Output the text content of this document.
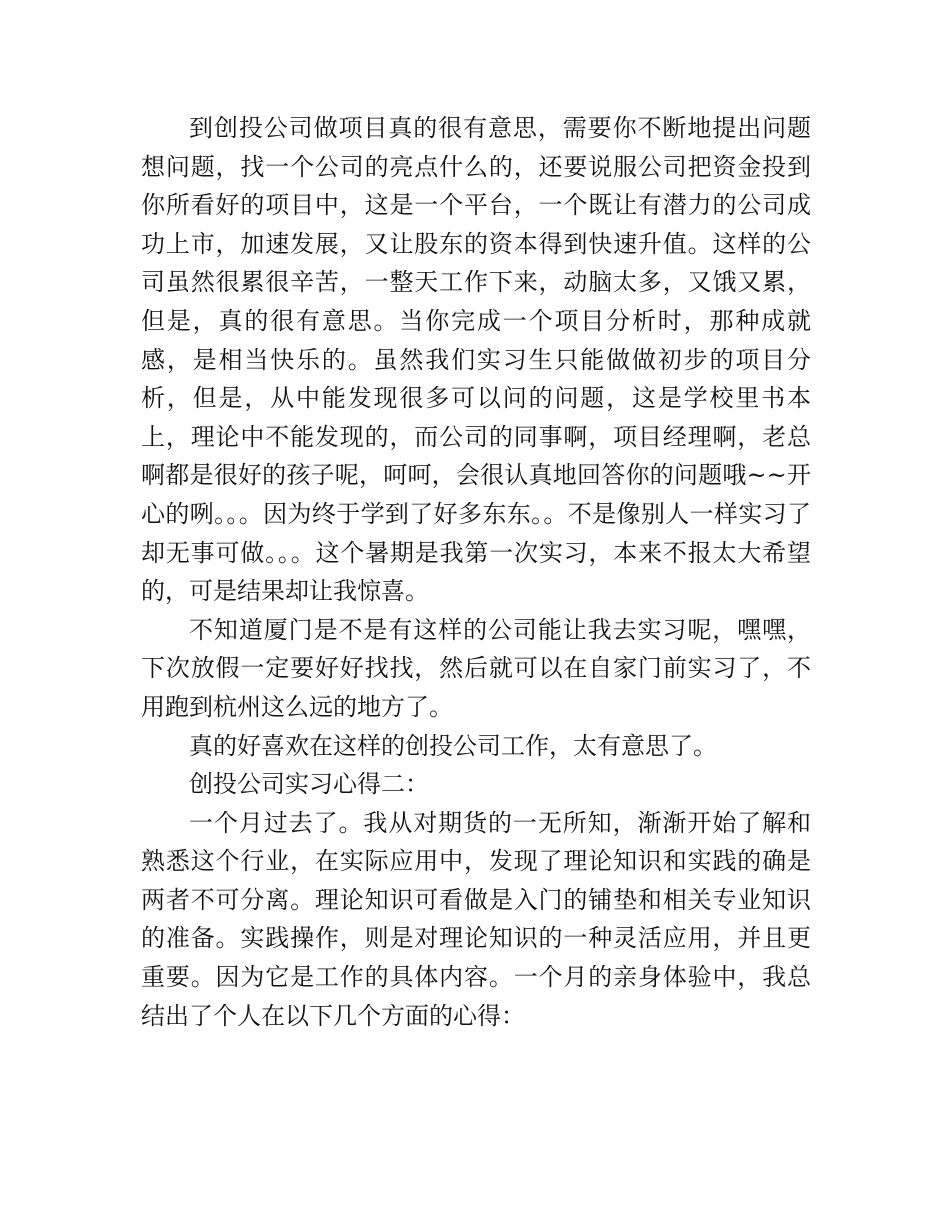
到创投公司做项目真的很有意思，需要你不断地提出问题想问题，找一个公司的亮点什么的，还要说服公司把资金投到你所看好的项目中，这是一个平台，一个既让有潜力的公司成功上市，加速发展，又让股东的资本得到快速升值。这样的公司虽然很累很辛苦，一整天工作下来，动脑太多，又饿又累，但是，真的很有意思。当你完成一个项目分析时，那种成就感，是相当快乐的。虽然我们实习生只能做做初步的项目分析，但是，从中能发现很多可以问的问题，这是学校里书本上，理论中不能发现的，而公司的同事啊，项目经理啊，老总啊都是很好的孩子呢，呵呵，会很认真地回答你的问题哦~~开心的咧。。。因为终于学到了好多东东。。不是像别人一样实习了却无事可做。。。这个暑期是我第一次实习，本来不报太大希望的，可是结果却让我惊喜。

不知道厦门是不是有这样的公司能让我去实习呢，嘿嘿，下次放假一定要好好找找，然后就可以在自家门前实习了，不用跑到杭州这么远的地方了。

真的好喜欢在这样的创投公司工作，太有意思了。

创投公司实习心得二：

一个月过去了。我从对期货的一无所知，渐渐开始了解和熟悉这个行业，在实际应用中，发现了理论知识和实践的确是两者不可分离。理论知识可看做是入门的铺垫和相关专业知识的准备。实践操作，则是对理论知识的一种灵活应用，并且更重要。因为它是工作的具体内容。一个月的亲身体验中，我总结出了个人在以下几个方面的心得：
